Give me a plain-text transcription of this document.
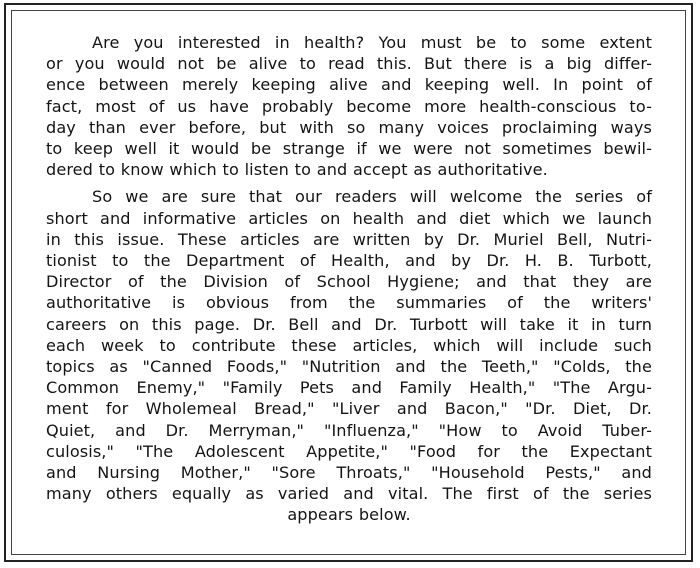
Are you interested in health? You must be to some extent
or you would not be alive to read this. But there is a big differ-
ence between merely keeping alive and keeping well. In point of
fact, most of us have probably become more health-conscious to-
day than ever before, but with so many voices proclaiming ways
to keep well it would be strange if we were not sometimes bewil-
dered to know which to listen to and accept as authoritative.

So we are sure that our readers will welcome the series of
short and informative articles on health and diet which we launch
in this issue. These articles are written by Dr. Muriel Bell, Nutri-
tionist to the Department of Health, and by Dr. H. B. Turbott,
Director of the Division of School Hygiene; and that they are
authoritative is obvious from the summaries of the writers'
careers on this page. Dr. Bell and Dr. Turbott will take it in turn
each week to contribute these articles, which will include such
topics as "Canned Foods," "Nutrition and the Teeth," "Colds, the
Common Enemy," "Family Pets and Family Health," "The Argu-
ment for Wholemeal Bread," "Liver and Bacon," "Dr. Diet, Dr.
Quiet, and Dr. Merryman," "Influenza," "How to Avoid Tuber-
culosis," "The Adolescent Appetite," "Food for the Expectant
and Nursing Mother," "Sore Throats," "Household Pests," and
many others equally as varied and vital. The first of the series
appears below.
